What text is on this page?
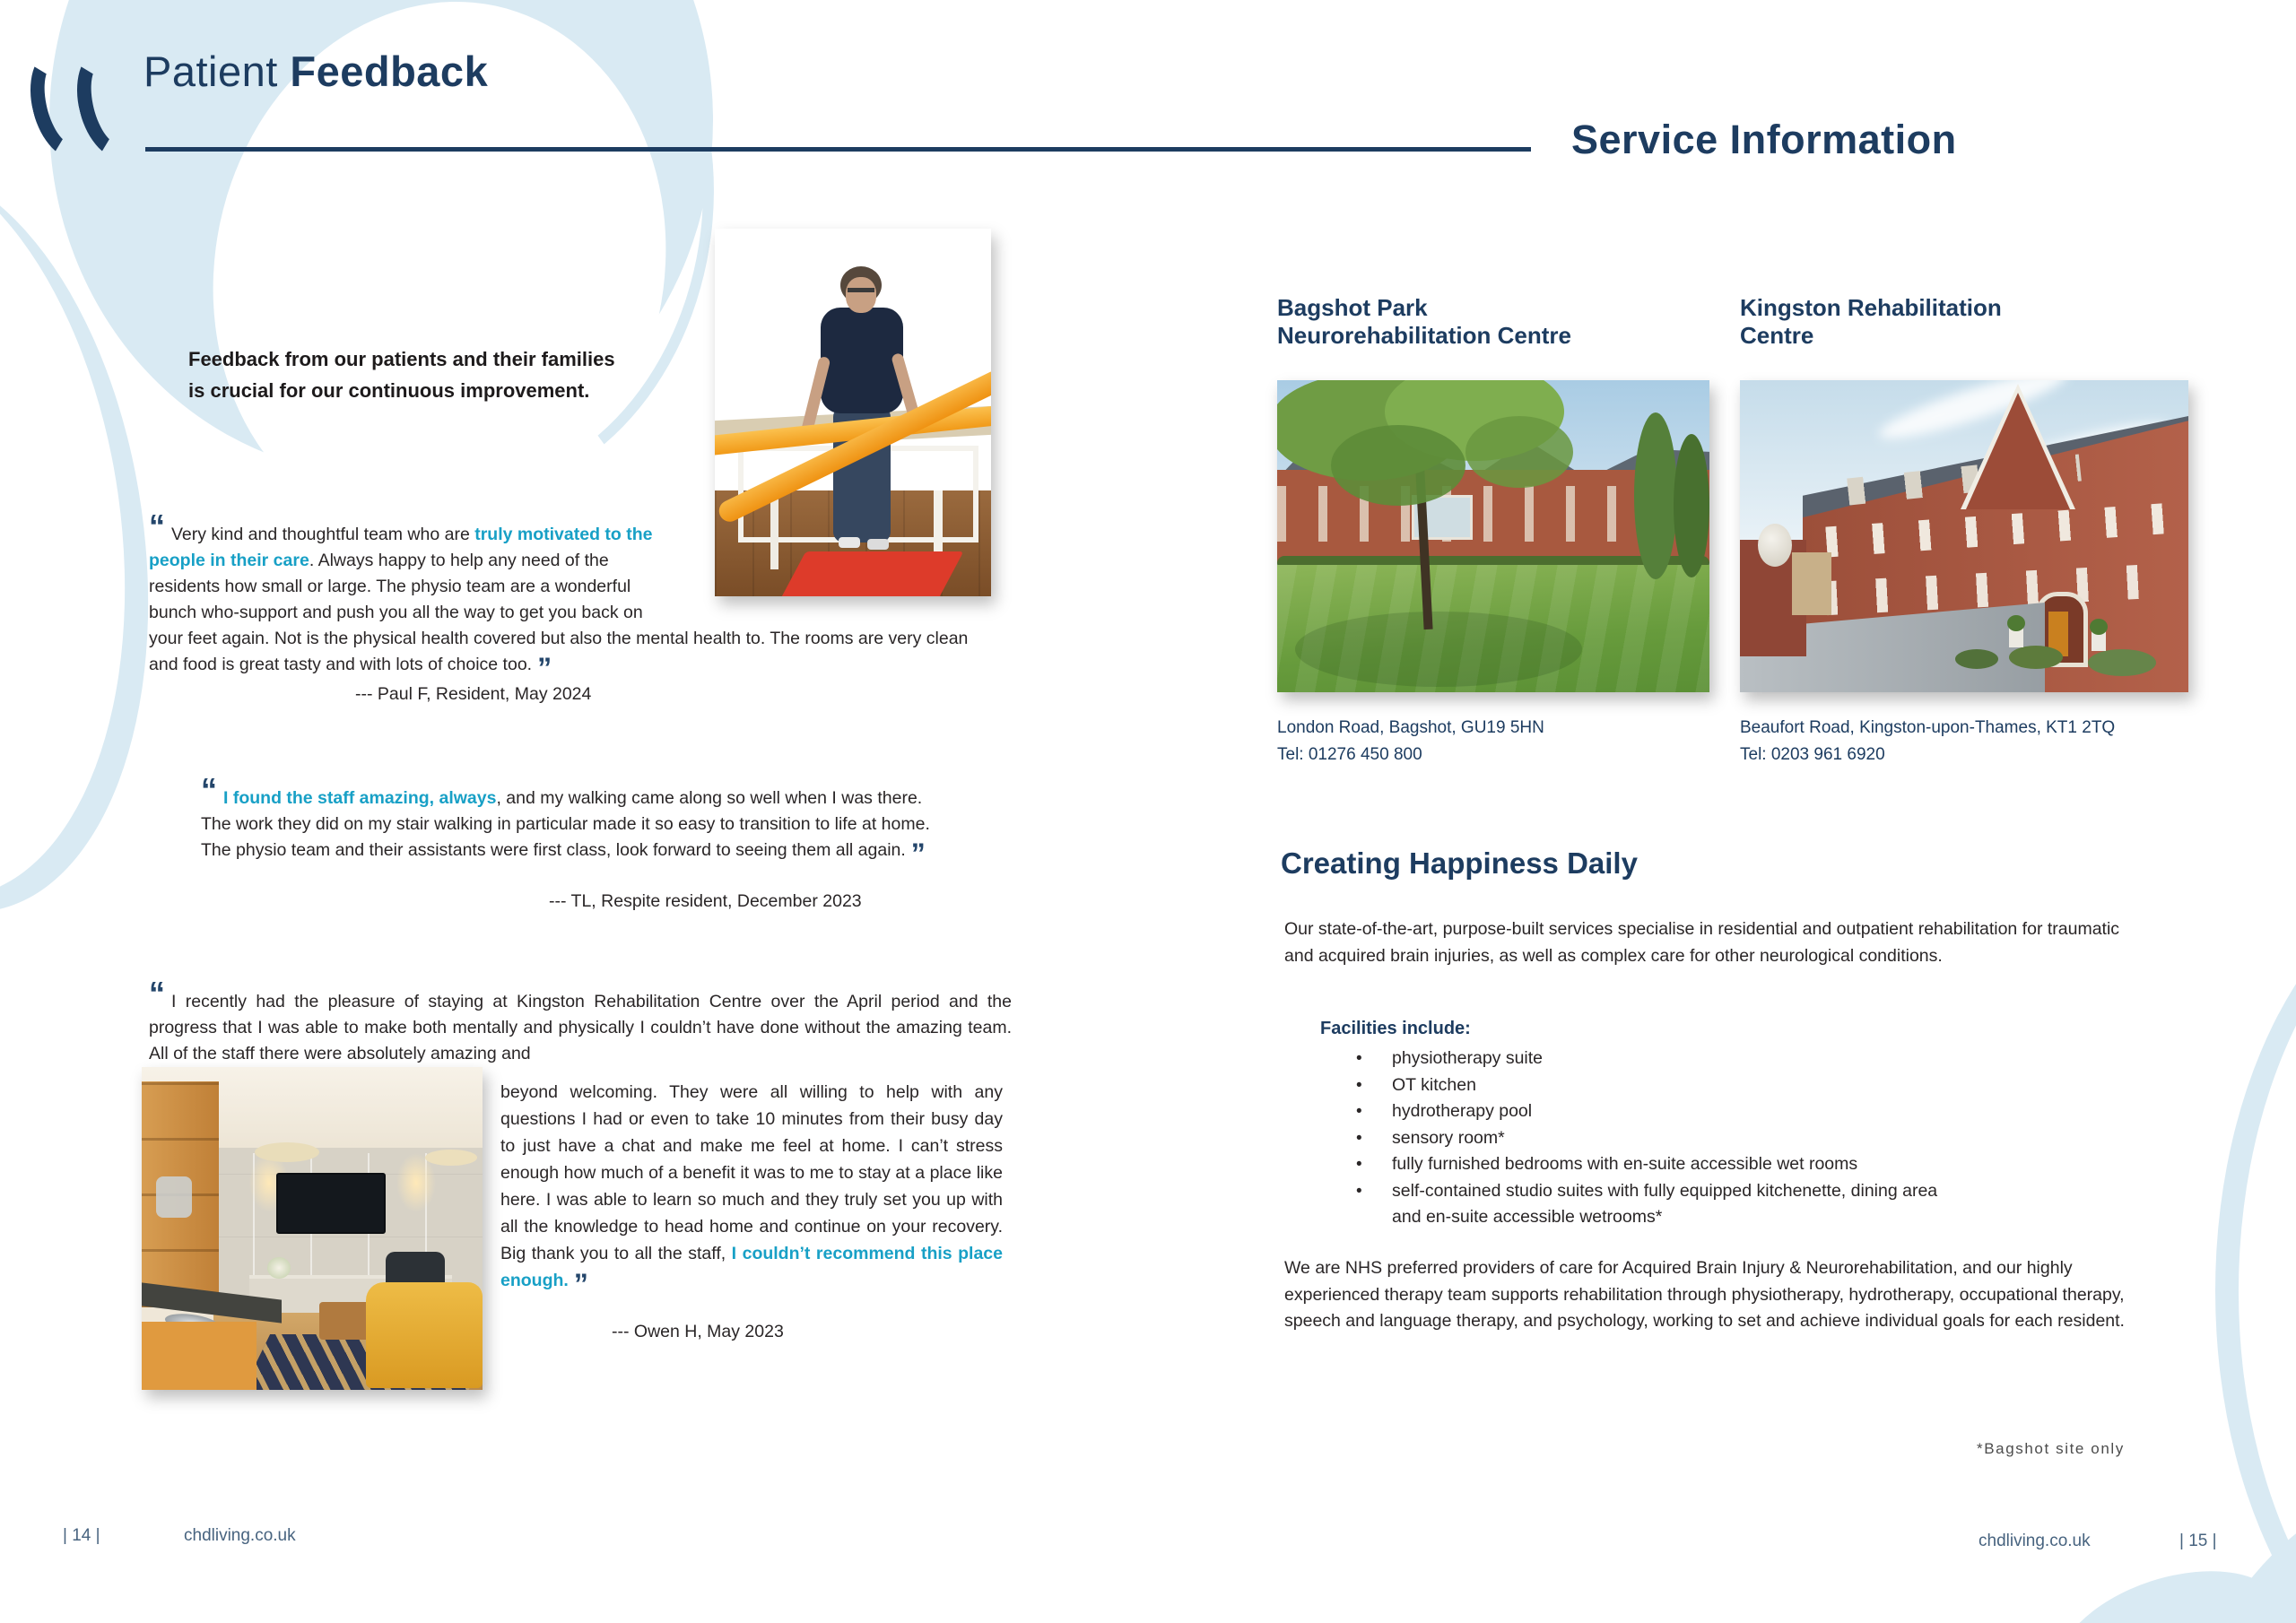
Patient Feedback
Service Information
Feedback from our patients and their families is crucial for our continuous improvement.

“ Very kind and thoughtful team who are truly motivated to the people in their care. Always happy to help any need of the residents how small or large. The physio team are a wonderful bunch who-support and push you all the way to get you back on your feet again. Not is the physical health covered but also the mental health to. The rooms are very clean and food is great tasty and with lots of choice too. ”

--- Paul F, Resident, May 2024

“ I found the staff amazing, always, and my walking came along so well when I was there. The work they did on my stair walking in particular made it so easy to transition to life at home. The physio team and their assistants were first class, look forward to seeing them all again. ”

--- TL, Respite resident, December 2023

“ I recently had the pleasure of staying at Kingston Rehabilitation Centre over the April period and the progress that I was able to make both mentally and physically I couldn’t have done without the amazing team. All of the staff there were absolutely amazing and

beyond welcoming. They were all willing to help with any questions I had or even to take 10 minutes from their busy day to just have a chat and make me feel at home. I can’t stress enough how much of a benefit it was to me to stay at a place like here. I was able to learn so much and they truly set you up with all the knowledge to head home and continue on your recovery. Big thank you to all the staff, I couldn’t recommend this place enough. ”

--- Owen H, May 2023
Bagshot Park Neurorehabilitation Centre
Kingston Rehabilitation Centre
London Road, Bagshot, GU19 5HN
Tel: 01276 450 800
Beaufort Road, Kingston-upon-Thames, KT1 2TQ
Tel: 0203 961 6920
Creating Happiness Daily
Our state-of-the-art, purpose-built services specialise in residential and outpatient rehabilitation for traumatic and acquired brain injuries, as well as complex care for other neurological conditions.
Facilities include:
• physiotherapy suite
• OT kitchen
• hydrotherapy pool
• sensory room*
• fully furnished bedrooms with en-suite accessible wet rooms
• self-contained studio suites with fully equipped kitchenette, dining area and en-suite accessible wetrooms*
We are NHS preferred providers of care for Acquired Brain Injury & Neurorehabilitation, and our highly experienced therapy team supports rehabilitation through physiotherapy, hydrotherapy, occupational therapy, speech and language therapy, and psychology, working to set and achieve individual goals for each resident.
*Bagshot site only
| 14 |	chdliving.co.uk	chdliving.co.uk	| 15 |
